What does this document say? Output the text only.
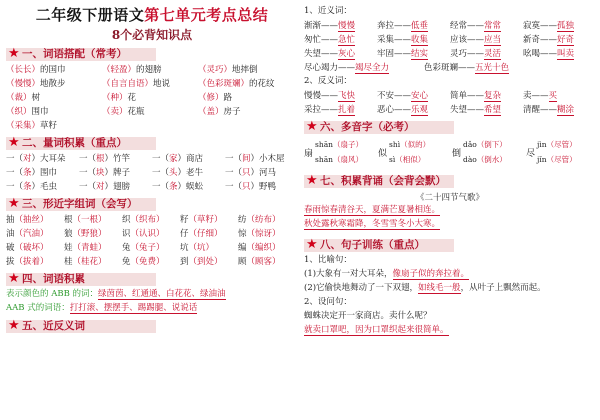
二年级下册语文第七单元考点总结
8个必背知识点
★ 一、词语搭配（常考）
（长长）的国巾	（轻盈）的翅膀	（灵巧）地摔倒
（慢慢）地散步	（自言自语）地说	（色彩斑斓）的花纹
（裁）树	（种）花	（修）路
（织）围巾	（卖）花瓶	（盖）房子
（采集）草籽
★ 二、量词积累（重点）
一（对）大耳朵	一（根）竹竿	一（家）商店	一（间）小木屋
一（条）围巾	一（块）牌子	一（头）老牛	一（只）河马
一（条）毛虫	一（对）翅膀	一（条）蜈蚣	一（只）野鸭
★ 三、形近字组词（会写）
抽（抽丝）	根（一根）	织（织布）	籽（草籽）	纺（纺布）
油（汽油）	狼（野狼）	识（认识）	仔（仔细）	惊（惊讶）
破（破坏）	娃（青蛙）	兔（兔子）	坑（坑）	编（编织）
拔（拔着）	桂（桂花）	免（免费）	到（到处）	顾（顾客）
★ 四、词语积累
表示颜色的 ABB 的词：绿茵茵、红通通、白花花、绿油油
AAB 式的词语：打打滚、摆摆手、踢踢腿、说说话
★ 五、近反义词
1、近义词：
渐渐——慢慢	奔拉——低垂	经常——常常	寂寞——孤独
匆忙——急忙	采集——收集	应该——应当	新奇——好奇
失望——灰心	牢固——结实	灵巧——灵活	吆喝——叫卖
尽心竭力——竭尽全力	色彩斑斓——五光十色
2、反义词：
慢慢——飞快	不安——安心	简单——复杂	卖——买
采拉——扎着	恶心——乐观	失望——希望	清醒——糊涂
★ 六、多音字（必考）
扇
shān（扇子）
shān（扇风）
似
shì（似的）
sì（相似）
倒
dǎo（倒下）
dào（倒水）
尽
jìn（尽管）
jǐn（尽管）
★ 七、积累背诵（会背会默）
《二十四节气歌》
春雨惊春清谷天，夏满芒夏暑相连。
秋处露秋寒霜降，冬雪雪冬小大寒。
★ 八、句子训练（重点）
1、比喻句：
(1)大象有一对大耳朵，像扇子似的奔拉着。
(2)它偷快地舞动了一下双翅，如线毛一般，从叶子上飘然而起。
2、设问句：
蜘蛛决定开一家商店。卖什么呢？
就卖口罩吧，因为口罩织起来很简单。
